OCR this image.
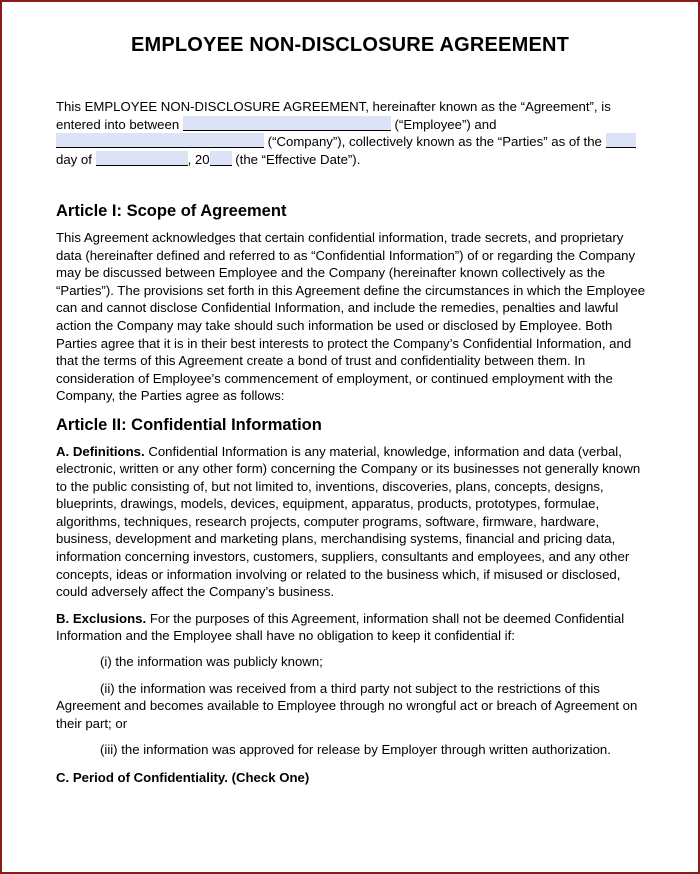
EMPLOYEE NON-DISCLOSURE AGREEMENT

This EMPLOYEE NON-DISCLOSURE AGREEMENT, hereinafter known as the “Agreement”, is entered into between	(“Employee”) and  (“Company”), collectively known as the “Parties” as of the  day of	, 20 (the “Effective Date”).

Article I: Scope of Agreement

This Agreement acknowledges that certain confidential information, trade secrets, and proprietary data (hereinafter defined and referred to as “Confidential Information”) of or regarding the Company may be discussed between Employee and the Company (hereinafter known collectively as the “Parties”). The provisions set forth in this Agreement define the circumstances in which the Employee can and cannot disclose Confidential Information, and include the remedies, penalties and lawful action the Company may take should such information be used or disclosed by Employee. Both Parties agree that it is in their best interests to protect the Company’s Confidential Information, and that the terms of this Agreement create a bond of trust and confidentiality between them. In consideration of Employee’s commencement of employment, or continued employment with the Company, the Parties agree as follows:

Article II: Confidential Information

A. Definitions. Confidential Information is any material, knowledge, information and data (verbal, electronic, written or any other form) concerning the Company or its businesses not generally known to the public consisting of, but not limited to, inventions, discoveries, plans, concepts, designs, blueprints, drawings, models, devices, equipment, apparatus, products, prototypes, formulae, algorithms, techniques, research projects, computer programs, software, firmware, hardware, business, development and marketing plans, merchandising systems, financial and pricing data, information concerning investors, customers, suppliers, consultants and employees, and any other concepts, ideas or information involving or related to the business which, if misused or disclosed, could adversely affect the Company’s business.

B. Exclusions. For the purposes of this Agreement, information shall not be deemed Confidential Information and the Employee shall have no obligation to keep it confidential if:

(i) the information was publicly known;

(ii) the information was received from a third party not subject to the restrictions of this Agreement and becomes available to Employee through no wrongful act or breach of Agreement on their part; or

(iii) the information was approved for release by Employer through written authorization.

C. Period of Confidentiality. (Check One)
